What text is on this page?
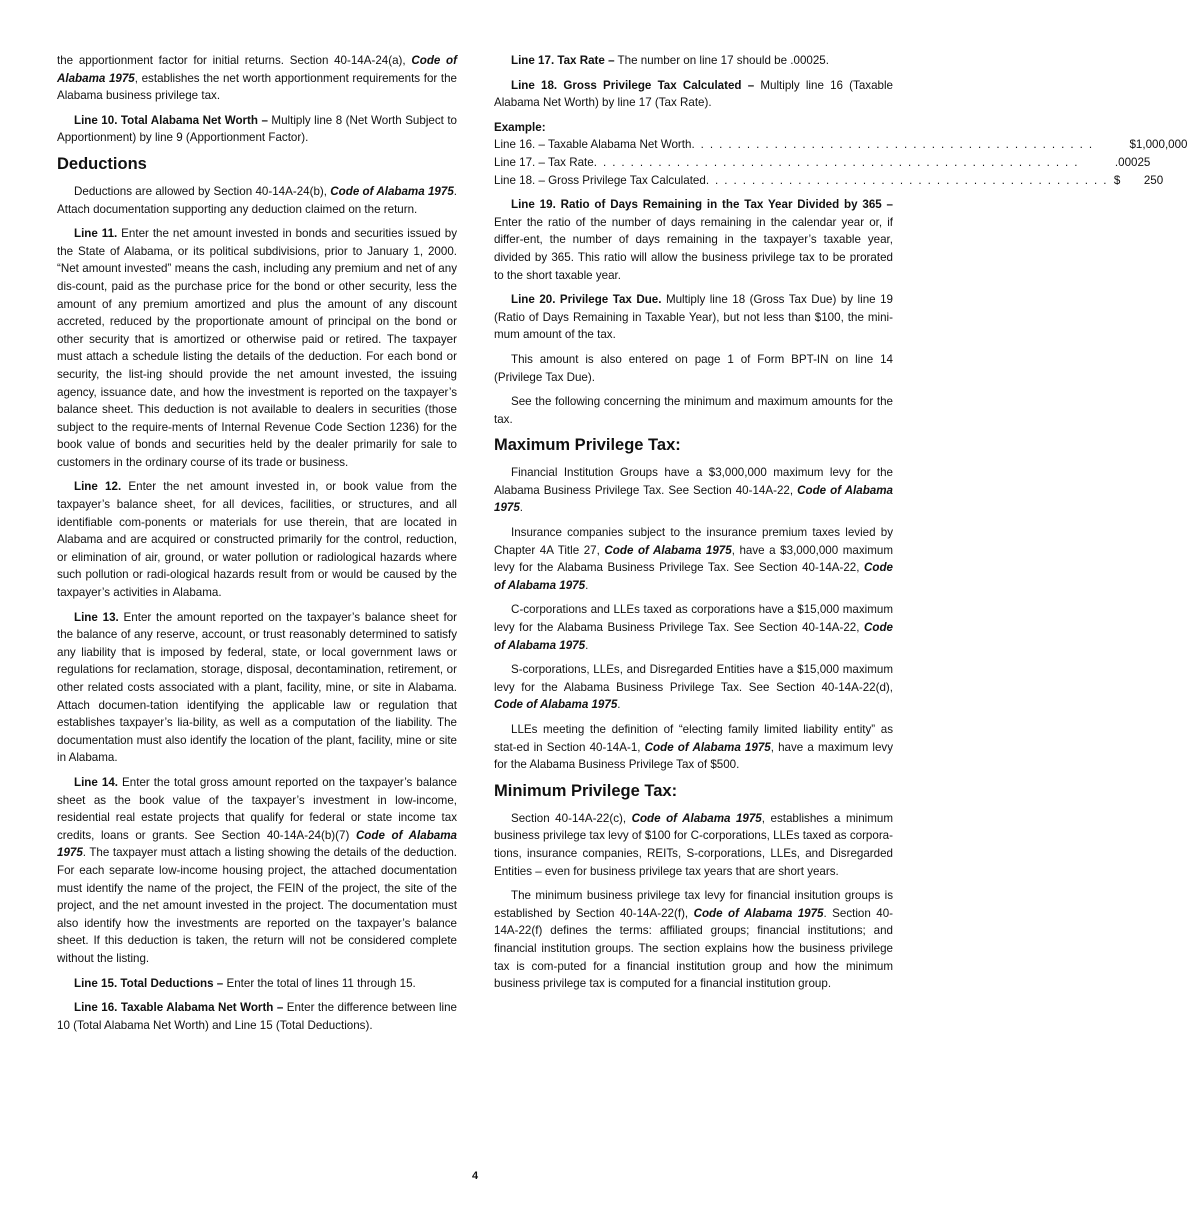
the apportionment factor for initial returns. Section 40-14A-24(a), Code of Alabama 1975, establishes the net worth apportionment requirements for the Alabama business privilege tax.

Line 10. Total Alabama Net Worth – Multiply line 8 (Net Worth Subject to Apportionment) by line 9 (Apportionment Factor).

Deductions

Deductions are allowed by Section 40-14A-24(b), Code of Alabama 1975. Attach documentation supporting any deduction claimed on the return.

Line 11. Enter the net amount invested in bonds and securities issued by the State of Alabama, or its political subdivisions, prior to January 1, 2000. “Net amount invested” means the cash, including any premium and net of any dis-count, paid as the purchase price for the bond or other security, less the amount of any premium amortized and plus the amount of any discount accreted, reduced by the proportionate amount of principal on the bond or other security that is amortized or otherwise paid or retired. The taxpayer must attach a schedule listing the details of the deduction. For each bond or security, the list-ing should provide the net amount invested, the issuing agency, issuance date, and how the investment is reported on the taxpayer’s balance sheet. This deduction is not available to dealers in securities (those subject to the require-ments of Internal Revenue Code Section 1236) for the book value of bonds and securities held by the dealer primarily for sale to customers in the ordinary course of its trade or business.

Line 12. Enter the net amount invested in, or book value from the taxpayer’s balance sheet, for all devices, facilities, or structures, and all identifiable com-ponents or materials for use therein, that are located in Alabama and are acquired or constructed primarily for the control, reduction, or elimination of air, ground, or water pollution or radiological hazards where such pollution or radi-ological hazards result from or would be caused by the taxpayer’s activities in Alabama.

Line 13. Enter the amount reported on the taxpayer’s balance sheet for the balance of any reserve, account, or trust reasonably determined to satisfy any liability that is imposed by federal, state, or local government laws or regulations for reclamation, storage, disposal, decontamination, retirement, or other related costs associated with a plant, facility, mine, or site in Alabama. Attach documen-tation identifying the applicable law or regulation that establishes taxpayer’s lia-bility, as well as a computation of the liability. The documentation must also identify the location of the plant, facility, mine or site in Alabama.

Line 14. Enter the total gross amount reported on the taxpayer’s balance sheet as the book value of the taxpayer’s investment in low-income, residential real estate projects that qualify for federal or state income tax credits, loans or grants. See Section 40-14A-24(b)(7) Code of Alabama 1975. The taxpayer must attach a listing showing the details of the deduction. For each separate low-income housing project, the attached documentation must identify the name of the project, the FEIN of the project, the site of the project, and the net amount invested in the project. The documentation must also identify how the investments are reported on the taxpayer’s balance sheet. If this deduction is taken, the return will not be considered complete without the listing.

Line 15. Total Deductions – Enter the total of lines 11 through 15.

Line 16. Taxable Alabama Net Worth – Enter the difference between line 10 (Total Alabama Net Worth) and Line 15 (Total Deductions).

Line 17. Tax Rate – The number on line 17 should be .00025.

Line 18. Gross Privilege Tax Calculated – Multiply line 16 (Taxable Alabama Net Worth) by line 17 (Tax Rate).

Example:
Line 16. – Taxable Alabama Net Worth . . . . . . . . . . . . . . . . . . . . . . . . . . . . . . . . . . . . . . . . . . . .	$1,000,000
Line 17. – Tax Rate . . . . . . . . . . . . . . . . . . . . . . . . . . . . . . . . . . . . . . . . . . . . . . . . . . . . .	.00025
Line 18. – Gross Privilege Tax Calculated . . . . . . . . . . . . . . . . . . . . . . . . . . . . . . . . . . . . . . . . . . . . $	250

Line 19. Ratio of Days Remaining in the Tax Year Divided by 365 – Enter the ratio of the number of days remaining in the calendar year or, if differ-ent, the number of days remaining in the taxpayer’s taxable year, divided by 365. This ratio will allow the business privilege tax to be prorated to the short taxable year.

Line 20. Privilege Tax Due. Multiply line 18 (Gross Tax Due) by line 19 (Ratio of Days Remaining in Taxable Year), but not less than $100, the mini-mum amount of the tax.

This amount is also entered on page 1 of Form BPT-IN on line 14 (Privilege Tax Due).

See the following concerning the minimum and maximum amounts for the tax.

Maximum Privilege Tax:

Financial Institution Groups have a $3,000,000 maximum levy for the Alabama Business Privilege Tax. See Section 40-14A-22, Code of Alabama 1975.

Insurance companies subject to the insurance premium taxes levied by Chapter 4A Title 27, Code of Alabama 1975, have a $3,000,000 maximum levy for the Alabama Business Privilege Tax. See Section 40-14A-22, Code of Alabama 1975.

C-corporations and LLEs taxed as corporations have a $15,000 maximum levy for the Alabama Business Privilege Tax. See Section 40-14A-22, Code of Alabama 1975.

S-corporations, LLEs, and Disregarded Entities have a $15,000 maximum levy for the Alabama Business Privilege Tax. See Section 40-14A-22(d), Code of Alabama 1975.

LLEs meeting the definition of “electing family limited liability entity” as stat-ed in Section 40-14A-1, Code of Alabama 1975, have a maximum levy for the Alabama Business Privilege Tax of $500.

Minimum Privilege Tax:

Section 40-14A-22(c), Code of Alabama 1975, establishes a minimum business privilege tax levy of $100 for C-corporations, LLEs taxed as corpora-tions, insurance companies, REITs, S-corporations, LLEs, and Disregarded Entities – even for business privilege tax years that are short years.

The minimum business privilege tax levy for financial insitution groups is established by Section 40-14A-22(f), Code of Alabama 1975. Section 40-14A-22(f) defines the terms: affiliated groups; financial institutions; and financial institution groups. The section explains how the business privilege tax is com-puted for a financial institution group and how the minimum business privilege tax is computed for a financial institution group.

4
